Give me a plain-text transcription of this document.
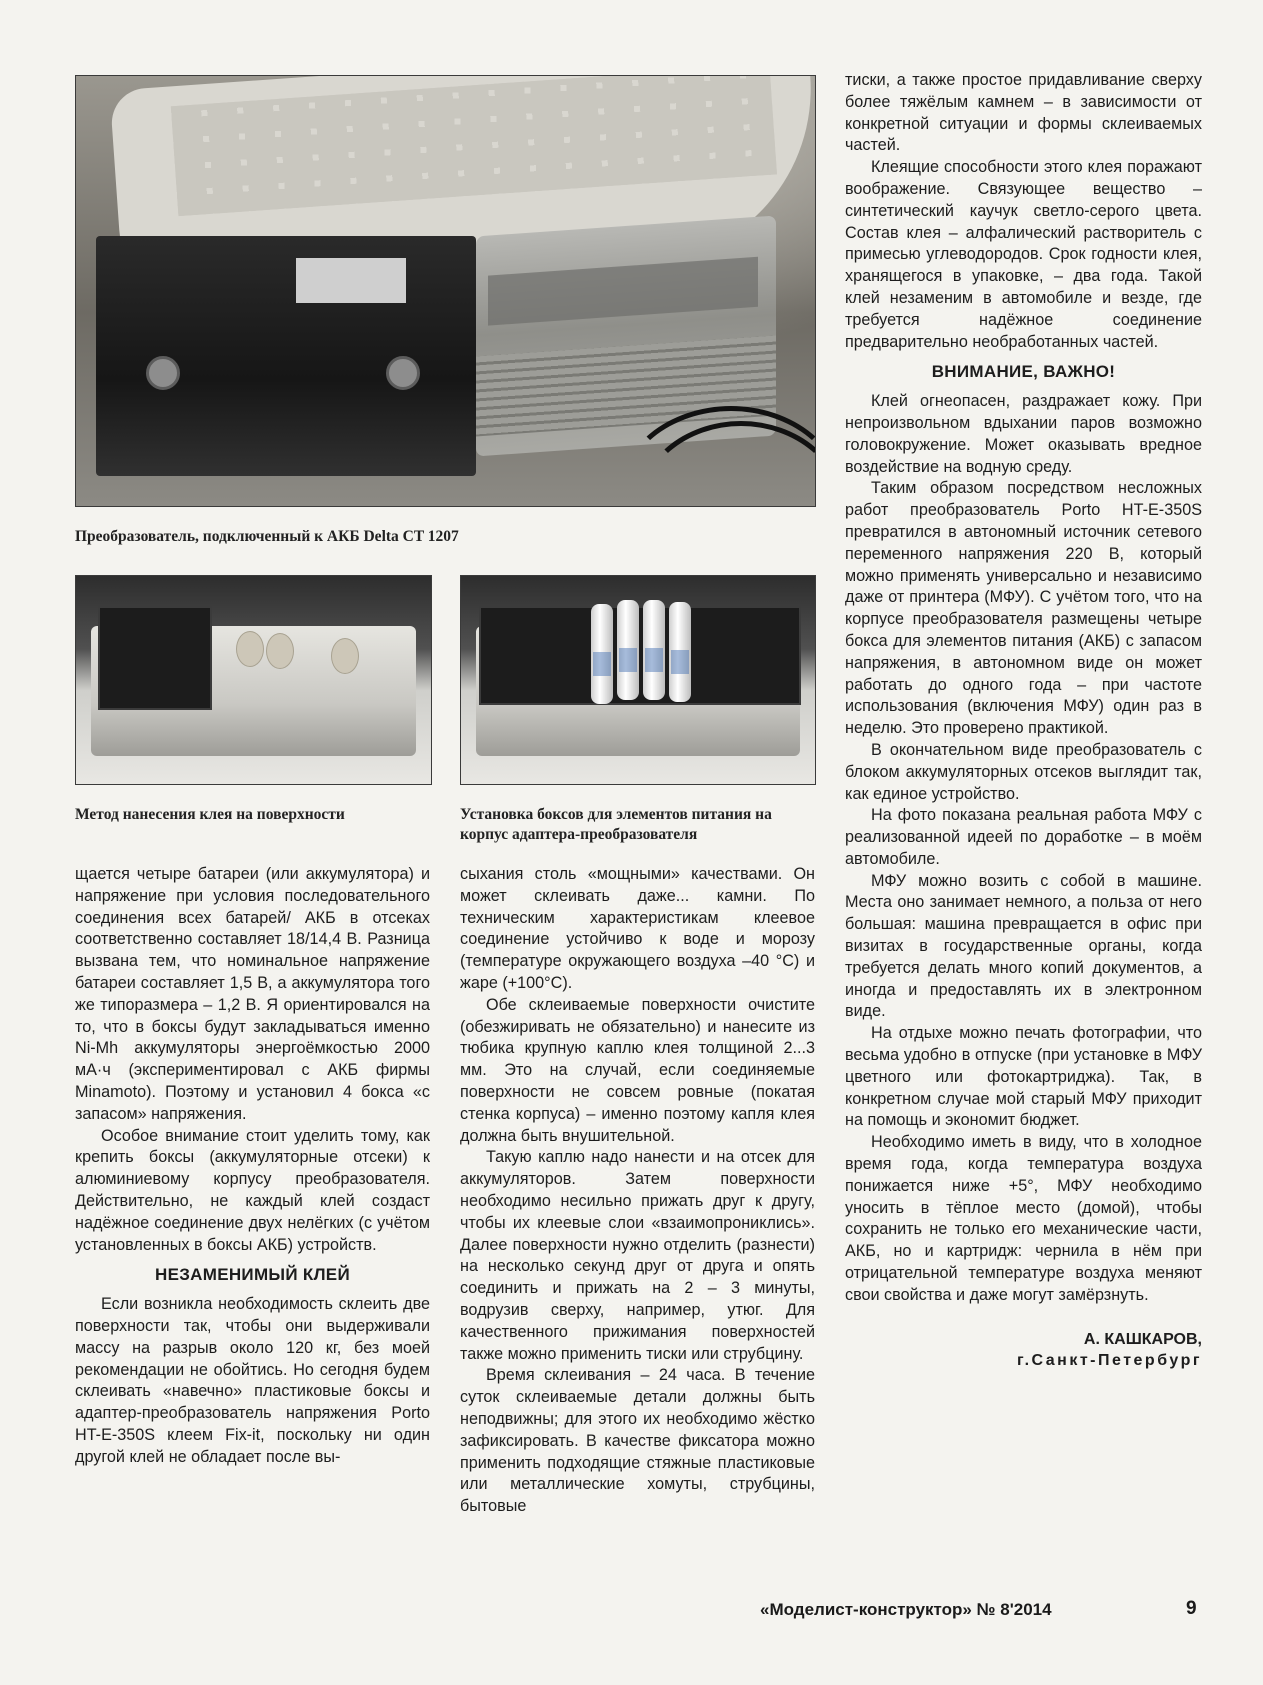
Преобразователь, подключенный к АКБ Delta CT 1207
Метод нанесения клея на поверхности	Установка боксов для элементов питания на
корпус адаптера-преобразователя

щается четыре батареи (или аккумулятора) и напряжение при условия последовательного соединения всех батарей/ АКБ в отсеках соответственно составляет 18/14,4 В. Разница вызвана тем, что номинальное напряжение батареи составляет 1,5 В, а аккумулятора того же типоразмера – 1,2 В. Я ориентировался на то, что в боксы будут закладываться именно Ni-Mh аккумуляторы энергоёмкостью 2000 мА·ч (экспериментировал с АКБ фирмы Minamoto). Поэтому и установил 4 бокса «с запасом» напряжения.

Особое внимание стоит уделить тому, как крепить боксы (аккумуляторные отсеки) к алюминиевому корпусу преобразователя. Действительно, не каждый клей создаст надёжное соединение двух нелёгких (с учётом установленных в боксы АКБ) устройств.

НЕЗАМЕНИМЫЙ КЛЕЙ

Если возникла необходимость склеить две поверхности так, чтобы они выдерживали массу на разрыв около 120 кг, без моей рекомендации не обойтись. Но сегодня будем склеивать «навечно» пластиковые боксы и адаптер-преобразователь напряжения Porto HT-E-350S клеем Fix-it, поскольку ни один другой клей не обладает после вы-

сыхания столь «мощными» качествами. Он может склеивать даже... камни. По техническим характеристикам клеевое соединение устойчиво к воде и морозу (температуре окружающего воздуха –40 °С) и жаре (+100°С).

Обе склеиваемые поверхности очистите (обезжиривать не обязательно) и нанесите из тюбика крупную каплю клея толщиной 2...3 мм. Это на случай, если соединяемые поверхности не совсем ровные (покатая стенка корпуса) – именно поэтому капля клея должна быть внушительной.

Такую каплю надо нанести и на отсек для аккумуляторов. Затем поверхности необходимо несильно прижать друг к другу, чтобы их клеевые слои «взаимопрониклись». Далее поверхности нужно отделить (разнести) на несколько секунд друг от друга и опять соединить и прижать на 2 – 3 минуты, водрузив сверху, например, утюг. Для качественного прижимания поверхностей также можно применить тиски или струбцину.

Время склеивания – 24 часа. В течение суток склеиваемые детали должны быть неподвижны; для этого их необходимо жёстко зафиксировать. В качестве фиксатора можно применить подходящие стяжные пластиковые или металлические хомуты, струбцины, бытовые

тиски, а также простое придавливание сверху более тяжёлым камнем – в зависимости от конкретной ситуации и формы склеиваемых частей.

Клеящие способности этого клея поражают воображение. Связующее вещество – синтетический каучук светло-серого цвета. Состав клея – алфалический растворитель с примесью углеводородов. Срок годности клея, хранящегося в упаковке, – два года. Такой клей незаменим в автомобиле и везде, где требуется надёжное соединение предварительно необработанных частей.

ВНИМАНИЕ, ВАЖНО!

Клей огнеопасен, раздражает кожу. При непроизвольном вдыхании паров возможно головокружение. Может оказывать вредное воздействие на водную среду.

Таким образом посредством несложных работ преобразователь Porto HT-E-350S превратился в автономный источник сетевого переменного напряжения 220 В, который можно применять универсально и независимо даже от принтера (МФУ). С учётом того, что на корпусе преобразователя размещены четыре бокса для элементов питания (АКБ) с запасом напряжения, в автономном виде он может работать до одного года – при частоте использования (включения МФУ) один раз в неделю. Это проверено практикой.

В окончательном виде преобразователь с блоком аккумуляторных отсеков выглядит так, как единое устройство.

На фото показана реальная работа МФУ с реализованной идеей по доработке – в моём автомобиле.

МФУ можно возить с собой в машине. Места оно занимает немного, а польза от него большая: машина превращается в офис при визитах в государственные органы, когда требуется делать много копий документов, а иногда и предоставлять их в электронном виде.

На отдыхе можно печать фотографии, что весьма удобно в отпуске (при установке в МФУ цветного или фотокартриджа). Так, в конкретном случае мой старый МФУ приходит на помощь и экономит бюджет.

Необходимо иметь в виду, что в холодное время года, когда температура воздуха понижается ниже +5°, МФУ необходимо уносить в тёплое место (домой), чтобы сохранить не только его механические части, АКБ, но и картридж: чернила в нём при отрицательной температуре воздуха меняют свои свойства и даже могут замёрзнуть.

А. КАШКАРОВ,
г.Санкт-Петербург
«Моделист-конструктор» № 8'2014	9
